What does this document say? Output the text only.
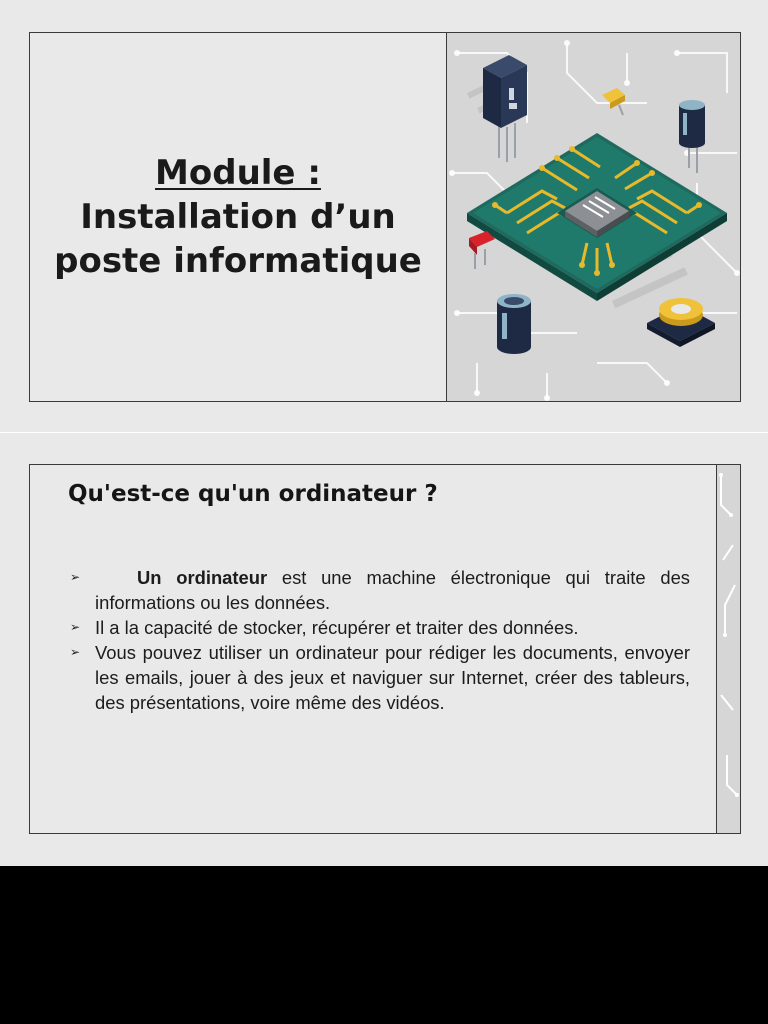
Module :
Installation d’un
poste informatique
Qu'est-ce qu'un ordinateur ?
➢	Un ordinateur est une machine électronique qui traite des informations ou les données.
➢ Il a la capacité de stocker, récupérer et traiter des données.
➢ Vous pouvez utiliser un ordinateur pour rédiger les documents, envoyer les emails, jouer à des jeux et naviguer sur Internet, créer des tableurs, des présentations, voire même des vidéos.
